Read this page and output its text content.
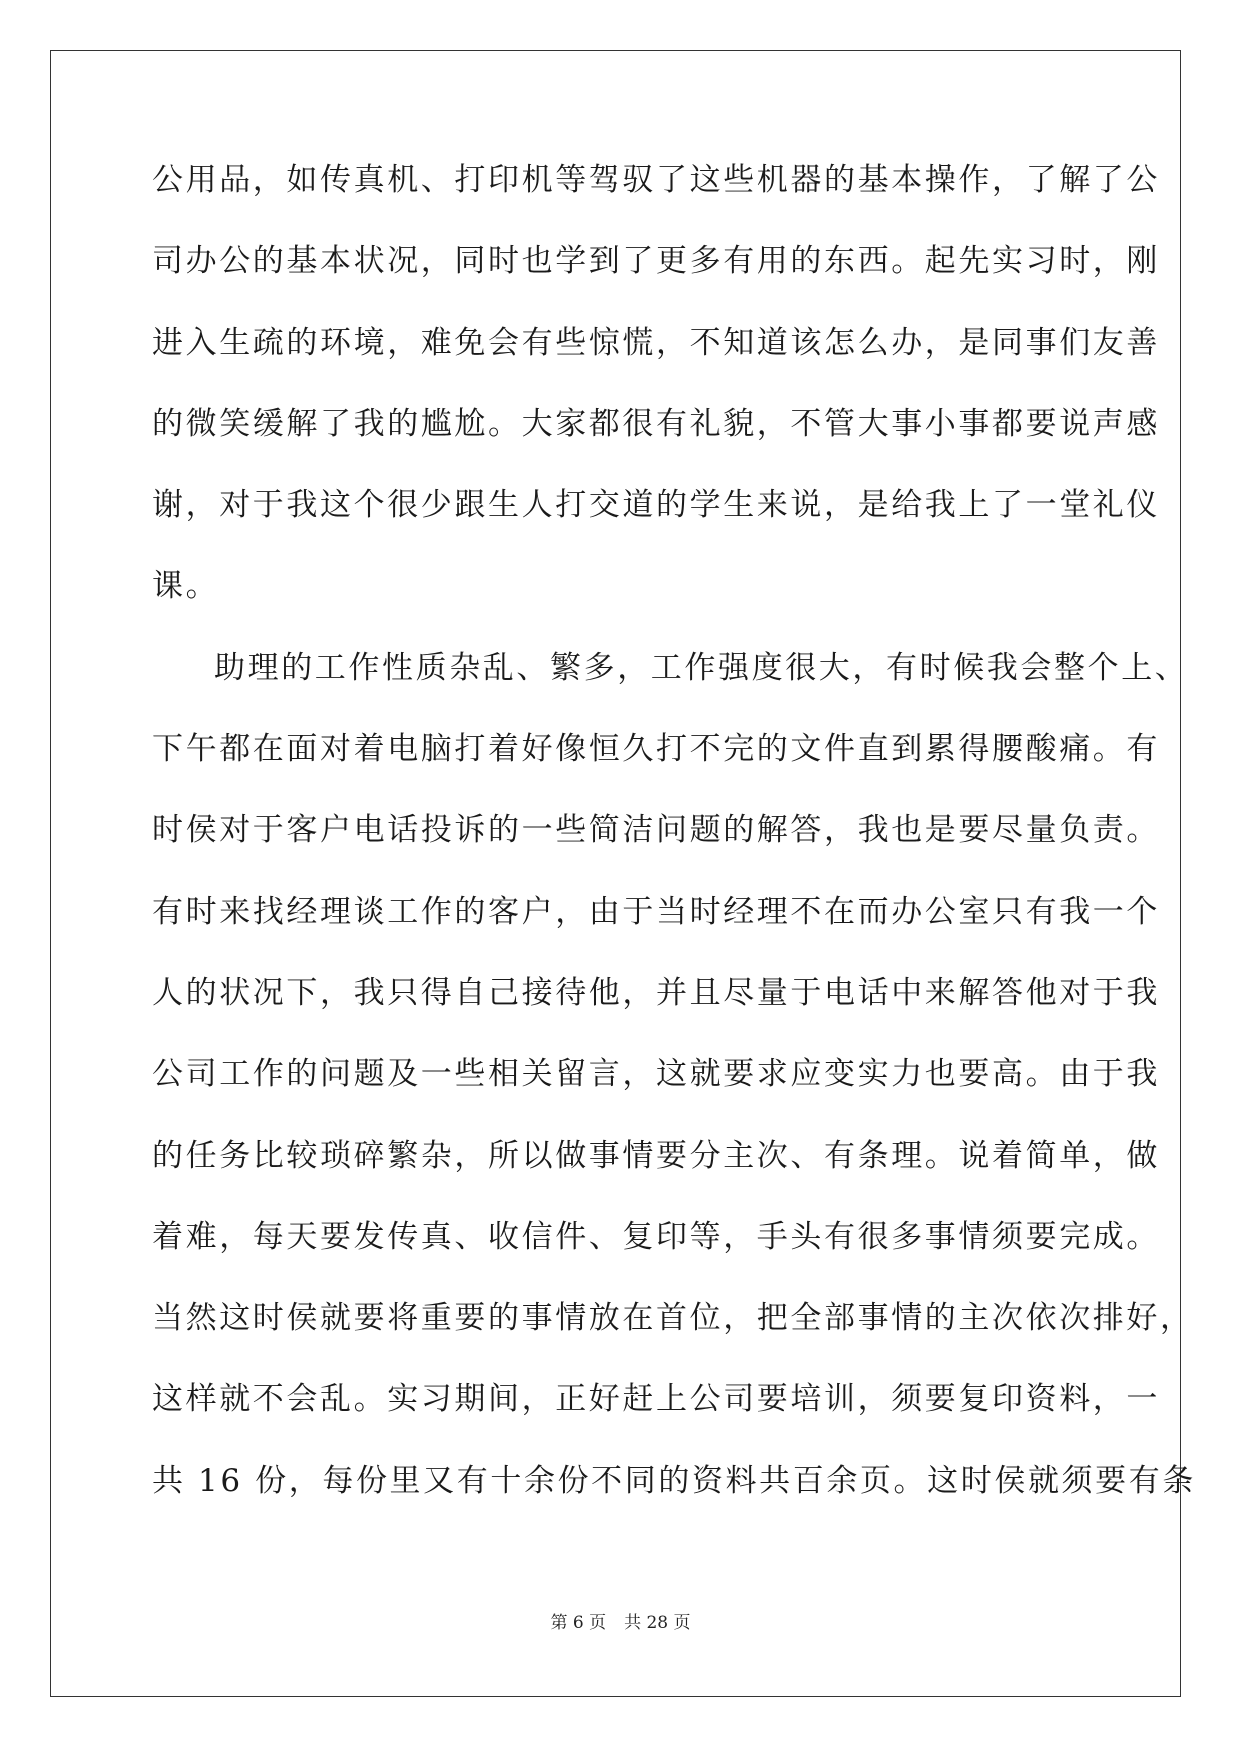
公用品，如传真机、打印机等驾驭了这些机器的基本操作，了解了公
司办公的基本状况，同时也学到了更多有用的东西。起先实习时，刚
进入生疏的环境，难免会有些惊慌，不知道该怎么办，是同事们友善
的微笑缓解了我的尴尬。大家都很有礼貌，不管大事小事都要说声感
谢，对于我这个很少跟生人打交道的学生来说，是给我上了一堂礼仪
课。
助理的工作性质杂乱、繁多，工作强度很大，有时候我会整个上、
下午都在面对着电脑打着好像恒久打不完的文件直到累得腰酸痛。有
时侯对于客户电话投诉的一些简洁问题的解答，我也是要尽量负责。
有时来找经理谈工作的客户，由于当时经理不在而办公室只有我一个
人的状况下，我只得自己接待他，并且尽量于电话中来解答他对于我
公司工作的问题及一些相关留言，这就要求应变实力也要高。由于我
的任务比较琐碎繁杂，所以做事情要分主次、有条理。说着简单，做
着难，每天要发传真、收信件、复印等，手头有很多事情须要完成。
当然这时侯就要将重要的事情放在首位，把全部事情的主次依次排好，
这样就不会乱。实习期间，正好赶上公司要培训，须要复印资料，一
共 16 份，每份里又有十余份不同的资料共百余页。这时侯就须要有条
第 6 页 共 28 页
